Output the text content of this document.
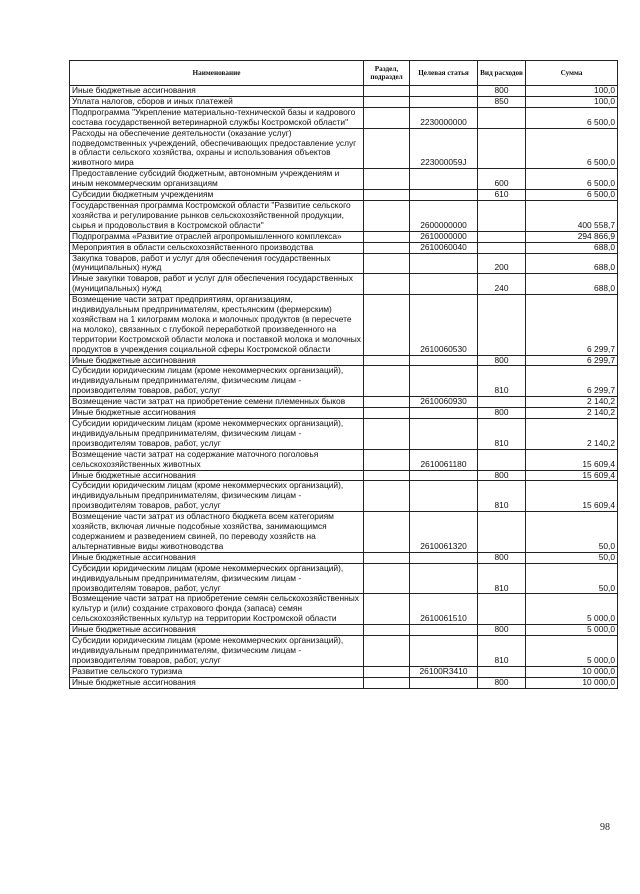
Наименование	Раздел, подраздел	Целевая статья	Вид расходов	Сумма
Иные бюджетные ассигнования			800	100,0
Уплата налогов, сборов и иных платежей			850	100,0
Подпрограмма "Укрепление материально-технической базы и кадрового состава государственной ветеринарной службы Костромской области"		2230000000		6 500,0
Расходы на обеспечение деятельности (оказание услуг) подведомственных учреждений, обеспечивающих предоставление услуг в области сельского хозяйства, охраны и использования объектов животного мира		223000059J		6 500,0
Предоставление субсидий бюджетным, автономным учреждениям и иным некоммерческим организациям			600	6 500,0
Субсидии бюджетным учреждениям			610	6 500,0
Государственная программа Костромской области "Развитие сельского хозяйства и регулирование рынков сельскохозяйственной продукции, сырья и продовольствия в Костромской области"		2600000000		400 558,7
Подпрограмма «Развитие отраслей агропромышленного комплекса»		2610000000		294 866,9
Мероприятия в области сельскохозяйственного производства		2610060040		688,0
Закупка товаров, работ и услуг для обеспечения государственных (муниципальных) нужд			200	688,0
Иные закупки товаров, работ и услуг для обеспечения государственных (муниципальных) нужд			240	688,0
Возмещение части затрат предприятиям, организациям, индивидуальным предпринимателям, крестьянским (фермерским) хозяйствам на 1 килограмм молока и молочных продуктов (в пересчете на молоко), связанных с глубокой переработкой произведенного на территории Костромской области молока и поставкой молока и молочных продуктов в учреждения социальной сферы Костромской области		2610060530		6 299,7
Иные бюджетные ассигнования			800	6 299,7
Субсидии юридическим лицам (кроме некоммерческих организаций), индивидуальным предпринимателям, физическим лицам - производителям товаров, работ, услуг			810	6 299,7
Возмещение части затрат на приобретение семени племенных быков		2610060930		2 140,2
Иные бюджетные ассигнования			800	2 140,2
Субсидии юридическим лицам (кроме некоммерческих организаций), индивидуальным предпринимателям, физическим лицам - производителям товаров, работ, услуг			810	2 140,2
Возмещение части затрат на содержание маточного поголовья сельскохозяйственных животных		2610061180		15 609,4
Иные бюджетные ассигнования			800	15 609,4
Субсидии юридическим лицам (кроме некоммерческих организаций), индивидуальным предпринимателям, физическим лицам - производителям товаров, работ, услуг			810	15 609,4
Возмещение части затрат из областного бюджета всем категориям хозяйств, включая личные подсобные хозяйства, занимающимся содержанием и разведением свиней, по переводу хозяйств на альтернативные виды животноводства		2610061320		50,0
Иные бюджетные ассигнования			800	50,0
Субсидии юридическим лицам (кроме некоммерческих организаций), индивидуальным предпринимателям, физическим лицам - производителям товаров, работ, услуг			810	50,0
Возмещение части затрат на приобретение семян сельскохозяйственных культур и (или) создание страхового фонда (запаса) семян сельскохозяйственных культур на территории Костромской области		2610061510		5 000,0
Иные бюджетные ассигнования			800	5 000,0
Субсидии юридическим лицам (кроме некоммерческих организаций), индивидуальным предпринимателям, физическим лицам - производителям товаров, работ, услуг			810	5 000,0
Развитие сельского туризма		26100R3410		10 000,0
Иные бюджетные ассигнования			800	10 000,0
98
